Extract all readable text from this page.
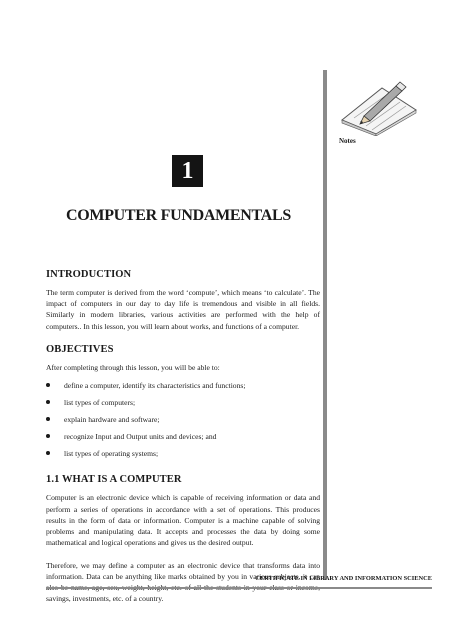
Notes
1
COMPUTER FUNDAMENTALS
INTRODUCTION

The term computer is derived from the word ‘compute’, which means ‘to calculate’. The impact of computers in our day to day life is tremendous and visible in all fields. Similarly in modern libraries, various activities are performed with the help of computers.. In this lesson, you will learn about works, and functions of a computer.

OBJECTIVES

After completing through this lesson, you will be able to:

define a computer, identify its characteristics and functions;
list types of computers;
explain hardware and software;
recognize Input and Output units and devices; and
list types of operating systems;
1.1 WHAT IS A COMPUTER

Computer is an electronic device which is capable of receiving information or data and perform a series of operations in accordance with a set of operations. This produces results in the form of data or information. Computer is a machine capable of solving problems and manipulating data. It accepts and processes the data by doing some mathematical and logical operations and gives us the desired output.

Therefore, we may define a computer as an electronic device that transforms data into information. Data can be anything like marks obtained by you in various subjects, it can savings, investments, etc. of a country.

CERTIFICATE IN LIBRARY AND INFORMATION SCIENCE
